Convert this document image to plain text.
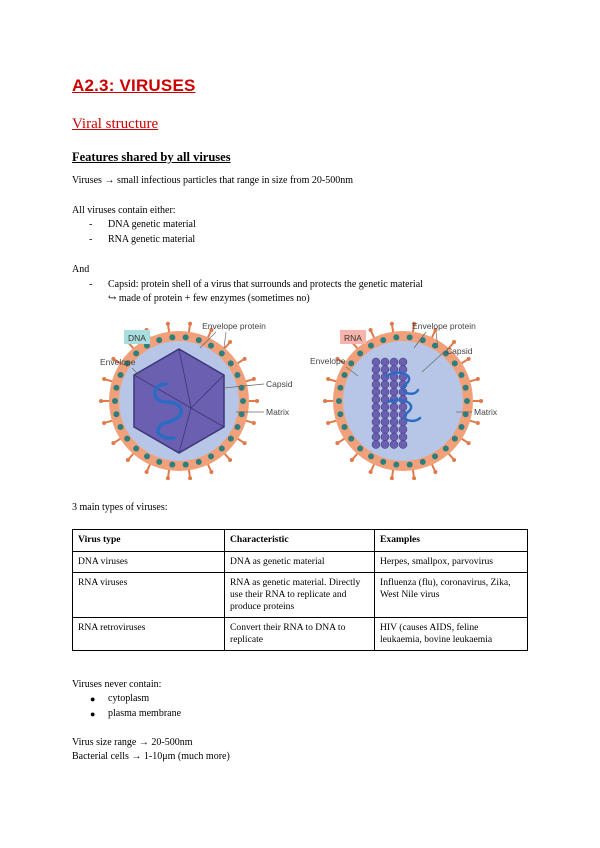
A2.3: VIRUSES
Viral structure
Features shared by all viruses
Viruses → small infectious particles that range in size from 20-500nm
All viruses contain either:
- DNA genetic material
- RNA genetic material
And
- Capsid: protein shell of a virus that surrounds and protects the genetic material
↪ made of protein + few enzymes (sometimes no)
DNA
Envelope protein
Envelope
Capsid
Matrix
RNA
Envelope protein
Envelope
Capsid
Matrix
3 main types of viruses:
Virus type	Characteristic	Examples
DNA viruses	DNA as genetic material	Herpes, smallpox, parvovirus
RNA viruses	RNA as genetic material. Directly use their RNA to replicate and produce proteins	Influenza (flu), coronavirus, Zika, West Nile virus
RNA retroviruses	Convert their RNA to DNA to replicate	HIV (causes AIDS, feline leukaemia, bovine leukaemia
Viruses never contain:
● cytoplasm
● plasma membrane
Virus size range → 20-500nm
Bacterial cells → 1-10μm (much more)
